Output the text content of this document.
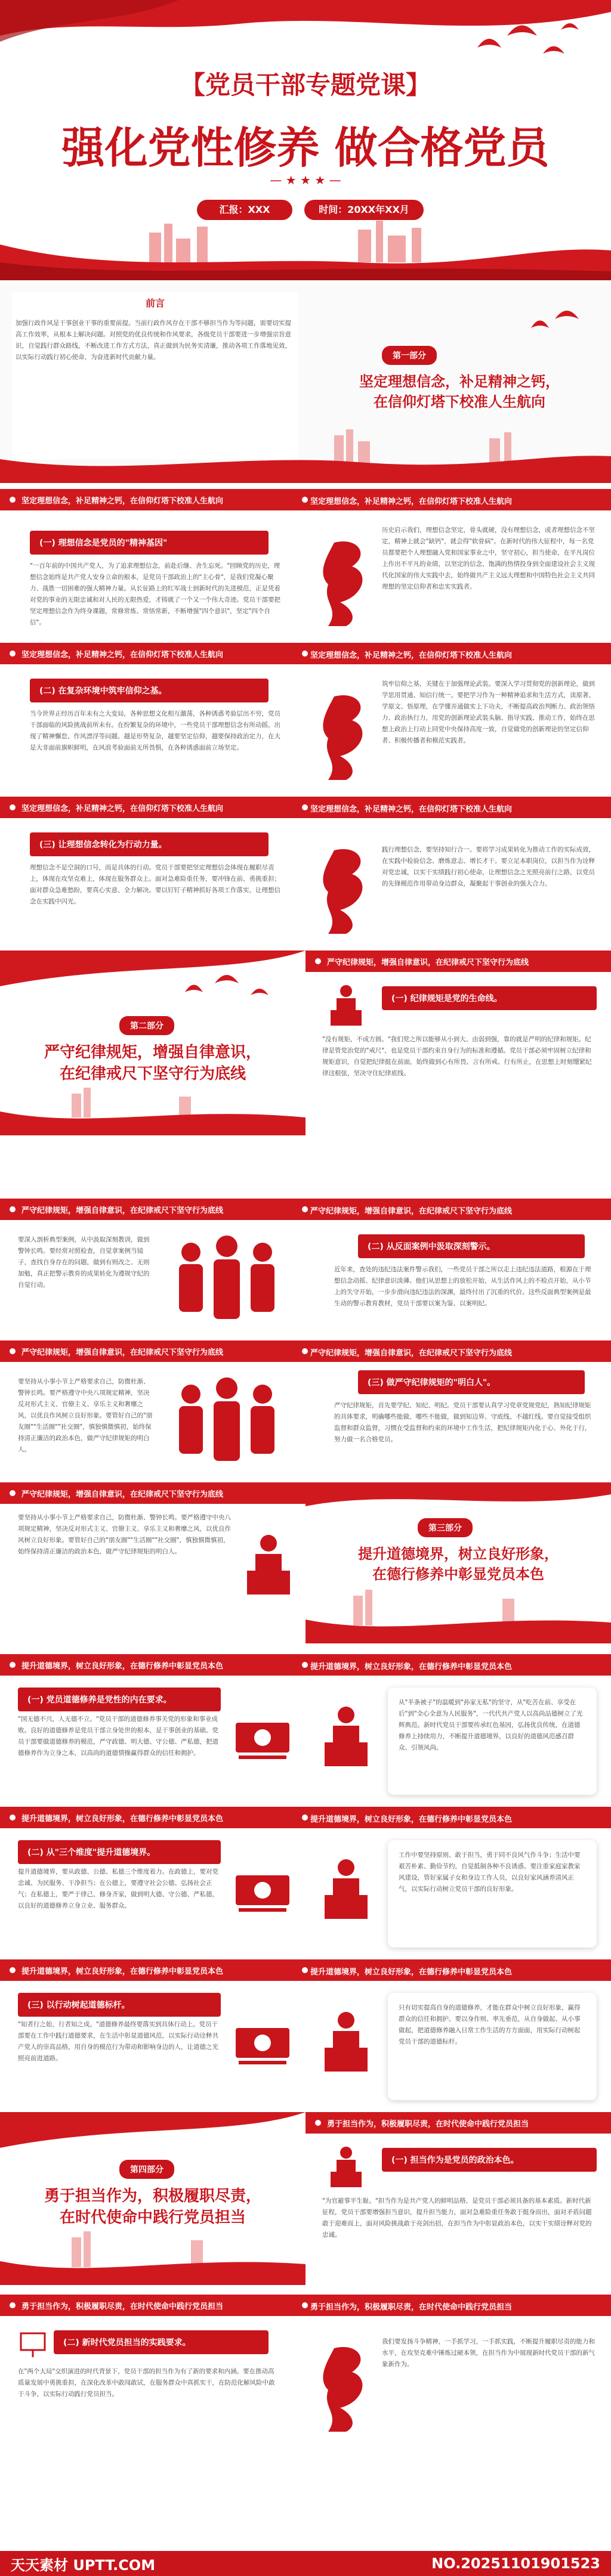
【党员干部专题党课】
强化党性修养 做合格党员
— ★ ★ ★ —
汇报：XXX	时间：20XX年XX月
前言
加强行政作风是干事创业干事的重要前提。当前行政作风存在干部不够担当作为等问题，需要切实提高工作效率，从根本上解决问题。对照党的优良传统和作风要求，各级党员干部要进一步增强宗旨意识，自觉践行群众路线，不断改进工作方式方法，真正做到为民务实清廉，推动各项工作落地见效，以实际行动践行初心使命，为奋进新时代贡献力量。	第一部分
坚定理想信念，补足精神之钙，
在信仰灯塔下校准人生航向
坚定理想信念，补足精神之钙，在信仰灯塔下校准人生航向	坚定理想信念，补足精神之钙，在信仰灯塔下校准人生航向
(一) 理想信念是党员的"精神基因"
"一百年前的中国共产党人，为了追求理想信念，前赴后继、舍生忘死。"回顾党的历史，理想信念始终是共产党人安身立命的根本，是党员干部政治上的"主心骨"，是我们党凝心聚力、战胜一切困难的强大精神力量。从长征路上的红军战士到新时代的先进模范，正是凭着对党的事业的无限忠诚和对人民的无限热爱，才铸就了一个又一个伟大奇迹。党员干部要把坚定理想信念作为终身课题，常修常炼、常悟常新，不断增强"四个意识"，坚定"四个自信"。
历史启示我们，理想信念坚定，骨头就硬，没有理想信念，或者理想信念不坚定，精神上就会"缺钙"，就会得"软骨病"。在新时代的伟大征程中，每一名党员都要把个人理想融入党和国家事业之中，坚守初心，担当使命，在平凡岗位上作出不平凡的业绩，以坚定的信念、饱满的热情投身到全面建设社会主义现代化国家的伟大实践中去，始终做共产主义远大理想和中国特色社会主义共同理想的坚定信仰者和忠实实践者。
坚定理想信念，补足精神之钙，在信仰灯塔下校准人生航向	坚定理想信念，补足精神之钙，在信仰灯塔下校准人生航向
(二) 在复杂环境中筑牢信仰之基。
当今世界正经历百年未有之大变局，各种思想文化相互激荡，各种诱惑考验层出不穷，党员干部面临的风险挑战前所未有。在纷繁复杂的环境中，一些党员干部理想信念有所动摇，出现了精神懈怠、作风漂浮等问题。越是形势复杂，越要坚定信仰，越要保持政治定力，在大是大非面前旗帜鲜明，在风浪考验面前无所畏惧，在各种诱惑面前立场坚定。
筑牢信仰之基，关键在于加强理论武装。要深入学习贯彻党的创新理论，做到学思用贯通、知信行统一。要把学习作为一种精神追求和生活方式，读原著、学原文、悟原理，在学懂弄通做实上下功夫，不断提高政治判断力、政治领悟力、政治执行力，用党的创新理论武装头脑、指导实践、推动工作，始终在思想上政治上行动上同党中央保持高度一致，自觉做党的创新理论的坚定信仰者、积极传播者和模范实践者。
坚定理想信念，补足精神之钙，在信仰灯塔下校准人生航向	坚定理想信念，补足精神之钙，在信仰灯塔下校准人生航向
(三) 让理想信念转化为行动力量。
理想信念不是空洞的口号，而是具体的行动。党员干部要把坚定理想信念体现在履职尽责上，体现在攻坚克难上，体现在服务群众上。面对急难险重任务，要冲锋在前、勇挑重担；面对群众急难愁盼，要真心实意、全力解决。要以钉钉子精神抓好各项工作落实，让理想信念在实践中闪光。
践行理想信念，要坚持知行合一。要将学习成果转化为推动工作的实际成效，在实践中检验信念、磨炼意志、增长才干。要立足本职岗位，以担当作为诠释对党忠诚，以实干实绩践行初心使命，让理想信念之光照亮前行之路，以党员的先锋模范作用带动身边群众，凝聚起干事创业的强大合力。
第二部分
严守纪律规矩，增强自律意识，
在纪律戒尺下坚守行为底线
严守纪律规矩，增强自律意识，在纪律戒尺下坚守行为底线
(一) 纪律规矩是党的生命线。
"没有规矩，不成方圆。"我们党之所以能够从小到大、由弱到强，靠的就是严明的纪律和规矩。纪律是管党治党的"戒尺"，也是党员干部约束自身行为的标准和遵循。党员干部必须牢固树立纪律和规矩意识，自觉把纪律挺在前面，始终做到心有所畏、言有所戒、行有所止，在思想上时刻绷紧纪律这根弦，坚决守住纪律底线。
严守纪律规矩，增强自律意识，在纪律戒尺下坚守行为底线	严守纪律规矩，增强自律意识，在纪律戒尺下坚守行为底线
要深入剖析典型案例，从中汲取深刻教训，做到警钟长鸣。要经常对照检查，自觉拿案例当镜子，查找自身存在的问题，做到有则改之、无则加勉，真正把警示教育的成果转化为遵规守纪的自觉行动。
(二) 从反面案例中汲取深刻警示。
近年来，查处的违纪违法案件警示我们，一些党员干部之所以走上违纪违法道路，根源在于理想信念动摇、纪律意识淡薄。他们从思想上的放松开始，从生活作风上的不检点开始，从小节上的失守开始，一步步滑向违纪违法的深渊，最终付出了沉重的代价。这些反面典型案例是最生动的警示教育教材，党员干部要以案为鉴、以案明纪。
严守纪律规矩，增强自律意识，在纪律戒尺下坚守行为底线	严守纪律规矩，增强自律意识，在纪律戒尺下坚守行为底线
要坚持从小事小节上严格要求自己，防微杜渐、警钟长鸣。要严格遵守中央八项规定精神，坚决反对形式主义、官僚主义、享乐主义和奢靡之风，以优良作风树立良好形象。要管好自己的"朋友圈""生活圈""社交圈"，慎独慎微慎初，始终保持清正廉洁的政治本色，做严守纪律规矩的明白人。
(三) 做严守纪律规矩的"明白人"。
严守纪律规矩，首先要学纪、知纪、明纪。党员干部要认真学习党章党规党纪，熟知纪律规矩的具体要求，明确哪些能做、哪些不能做，做到知边界、守底线、不越红线。要自觉接受组织监督和群众监督，习惯在受监督和约束的环境中工作生活，把纪律规矩内化于心、外化于行，努力做一名合格党员。
严守纪律规矩，增强自律意识，在纪律戒尺下坚守行为底线
要坚持从小事小节上严格要求自己，防微杜渐、警钟长鸣。要严格遵守中央八项规定精神，坚决反对形式主义、官僚主义、享乐主义和奢靡之风，以优良作风树立良好形象。要管好自己的"朋友圈""生活圈""社交圈"，慎独慎微慎初，始终保持清正廉洁的政治本色，做严守纪律规矩的明白人。
第三部分
提升道德境界，树立良好形象，
在德行修养中彰显党员本色
提升道德境界，树立良好形象，在德行修养中彰显党员本色	提升道德境界，树立良好形象，在德行修养中彰显党员本色
(一) 党员道德修养是党性的内在要求。
"国无德不兴，人无德不立。"党员干部的道德修养事关党的形象和事业成败。良好的道德修养是党员干部立身处世的根本，是干事创业的基础。党员干部要做道德修养的模范，严守政德、明大德、守公德、严私德，把道德修养作为立身之本，以高尚的道德情操赢得群众的信任和拥护。
从"半条被子"的温暖到"孙家无私"的坚守，从"吃苦在前、享受在后"到"全心全意为人民服务"，一代代共产党人以高尚品德树立了光辉典范。新时代党员干部要传承红色基因，弘扬优良传统，在道德修养上持续用力，不断提升道德境界，以良好的道德风范感召群众、引领风尚。
提升道德境界，树立良好形象，在德行修养中彰显党员本色	提升道德境界，树立良好形象，在德行修养中彰显党员本色
(二) 从"三个维度"提升道德境界。
提升道德境界，要从政德、公德、私德三个维度着力。在政德上，要对党忠诚、为民服务、干净担当；在公德上，要遵守社会公德、弘扬社会正气；在私德上，要严于律己、修身齐家，做到明大德、守公德、严私德，以良好的道德修养立身立业、服务群众。
工作中要坚持原则、敢于担当，勇于同不良风气作斗争；生活中要艰苦朴素、勤俭节约，自觉抵制各种不良诱惑。要注重家庭家教家风建设，管好家属子女和身边工作人员，以良好家风涵养清风正气，以实际行动树立党员干部的良好形象。
提升道德境界，树立良好形象，在德行修养中彰显党员本色	提升道德境界，树立良好形象，在德行修养中彰显党员本色
(三) 以行动树起道德标杆。
"知者行之始，行者知之成。"道德修养最终要落实到具体行动上。党员干部要在工作中践行道德要求，在生活中彰显道德风范，以实际行动诠释共产党人的崇高品格，用自身的模范行为带动和影响身边的人，让道德之光照亮前进道路。
只有切实提高自身的道德修养，才能在群众中树立良好形象，赢得群众的信任和拥护。要以身作则、率先垂范，从自身做起、从小事做起，把道德修养融入日常工作生活的方方面面，用实际行动树起党员干部的道德标杆。
第四部分
勇于担当作为，积极履职尽责，
在时代使命中践行党员担当
勇于担当作为，积极履职尽责，在时代使命中践行党员担当
(一) 担当作为是党员的政治本色。
"为官避事平生耻。"担当作为是共产党人的鲜明品格，是党员干部必须具备的基本素质。新时代新征程，党员干部要增强担当意识，提升担当能力，面对急难险重任务敢于挺身而出，面对矛盾问题敢于迎难而上，面对风险挑战敢于亮剑出招，在担当作为中彰显政治本色，以实干实绩诠释对党的忠诚。
勇于担当作为，积极履职尽责，在时代使命中践行党员担当	勇于担当作为，积极履职尽责，在时代使命中践行党员担当
(二) 新时代党员担当的实践要求。
在"两个大局"交织演进的时代背景下，党员干部的担当作为有了新的要求和内涵。要在推动高质量发展中勇挑重担，在深化改革中敢闯敢试，在服务群众中真抓实干，在防范化解风险中敢于斗争，以实际行动践行党员担当。
我们要发扬斗争精神，一手抓学习，一手抓实践，不断提升履职尽责的能力和水平，在攻坚克难中锤炼过硬本领，在担当作为中展现新时代党员干部的新气象新作为。
天天素材 UPTT.COM	NO.20251101901523
